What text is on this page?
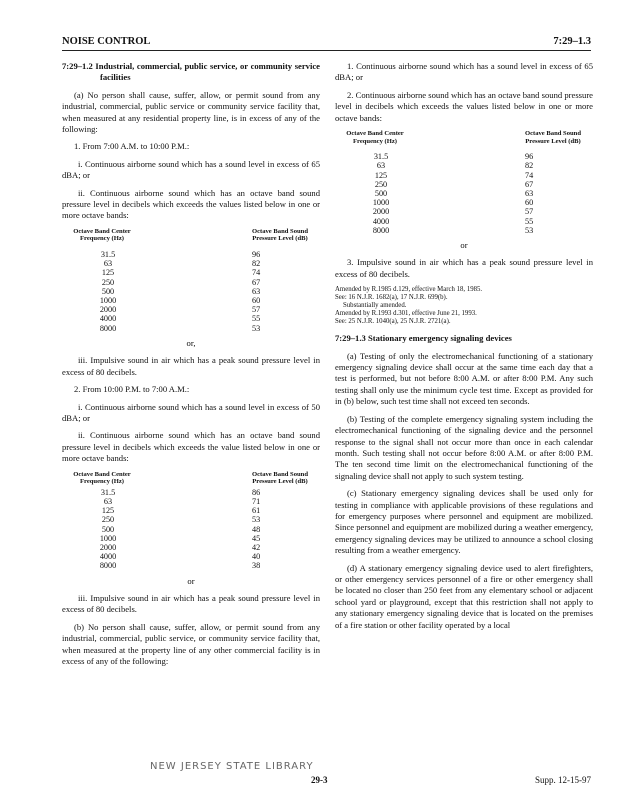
NOISE CONTROL	7:29–1.3

7:29–1.2 Industrial, commercial, public service, or community service facilities

(a) No person shall cause, suffer, allow, or permit sound from any industrial, commercial, public service or community service facility that, when measured at any residential property line, is in excess of any of the following:

1. From 7:00 A.M. to 10:00 P.M.:

i. Continuous airborne sound which has a sound level in excess of 65 dBA; or

ii. Continuous airborne sound which has an octave band sound pressure level in decibels which exceeds the values listed below in one or more octave bands:

Octave Band Center Frequency (Hz)
Octave Band Sound Pressure Level (dB)
31.5	96
63	82
125	74
250	67
500	63
1000	60
2000	57
4000	55
8000	53
or,

iii. Impulsive sound in air which has a peak sound pressure level in excess of 80 decibels.

2. From 10:00 P.M. to 7:00 A.M.:

i. Continuous airborne sound which has a sound level in excess of 50 dBA; or

ii. Continuous airborne sound which has an octave band sound pressure level in decibels which exceeds the value listed below in one or more octave bands:

Octave Band Center Frequency (Hz)
Octave Band Sound Pressure Level (dB)
31.5	86
63	71
125	61
250	53
500	48
1000	45
2000	42
4000	40
8000	38
or

iii. Impulsive sound in air which has a peak sound pressure level in excess of 80 decibels.

(b) No person shall cause, suffer, allow, or permit sound from any industrial, commercial, public service, or community service facility that, when measured at the property line of any other commercial facility is in excess of any of the following:

1. Continuous airborne sound which has a sound level in excess of 65 dBA; or

2. Continuous airborne sound which has an octave band sound pressure level in decibels which exceeds the values listed below in one or more octave bands:

Octave Band Center Frequency (Hz)
Octave Band Sound Pressure Level (dB)
31.5	96
63	82
125	74
250	67
500	63
1000	60
2000	57
4000	55
8000	53
or

3. Impulsive sound in air which has a peak sound pressure level in excess of 80 decibels.

Amended by R.1985 d.129, effective March 18, 1985.

See: 16 N.J.R. 1682(a), 17 N.J.R. 699(b).

Substantially amended.

Amended by R.1993 d.301, effective June 21, 1993.

See: 25 N.J.R. 1040(a), 25 N.J.R. 2721(a).

7:29–1.3 Stationary emergency signaling devices

(a) Testing of only the electromechanical functioning of a stationary emergency signaling device shall occur at the same time each day that a test is performed, but not before 8:00 A.M. or after 8:00 P.M. Any such testing shall only use the minimum cycle test time. Except as provided for in (b) below, such test time shall not exceed ten seconds.

(b) Testing of the complete emergency signaling system including the electromechanical functioning of the signaling device and the personnel response to the signal shall not occur more than once in each calendar month. Such testing shall not occur before 8:00 A.M. or after 8:00 P.M. The ten second time limit on the electromechanical functioning of the signaling device shall not apply to such system testing.

(c) Stationary emergency signaling devices shall be used only for testing in compliance with applicable provisions of these regulations and for emergency purposes where personnel and equipment are mobilized. Since personnel and equipment are mobilized during a weather emergency, emergency signaling devices may be utilized to announce a school closing resulting from a weather emergency.

(d) A stationary emergency signaling device used to alert firefighters, or other emergency services personnel of a fire or other emergency shall be located no closer than 250 feet from any elementary school or adjacent school yard or playground, except that this restriction shall not apply to any stationary emergency signaling device that is located on the premises of a fire station or other facility operated by a local

NEW JERSEY STATE LIBRARY
29-3	Supp. 12-15-97
